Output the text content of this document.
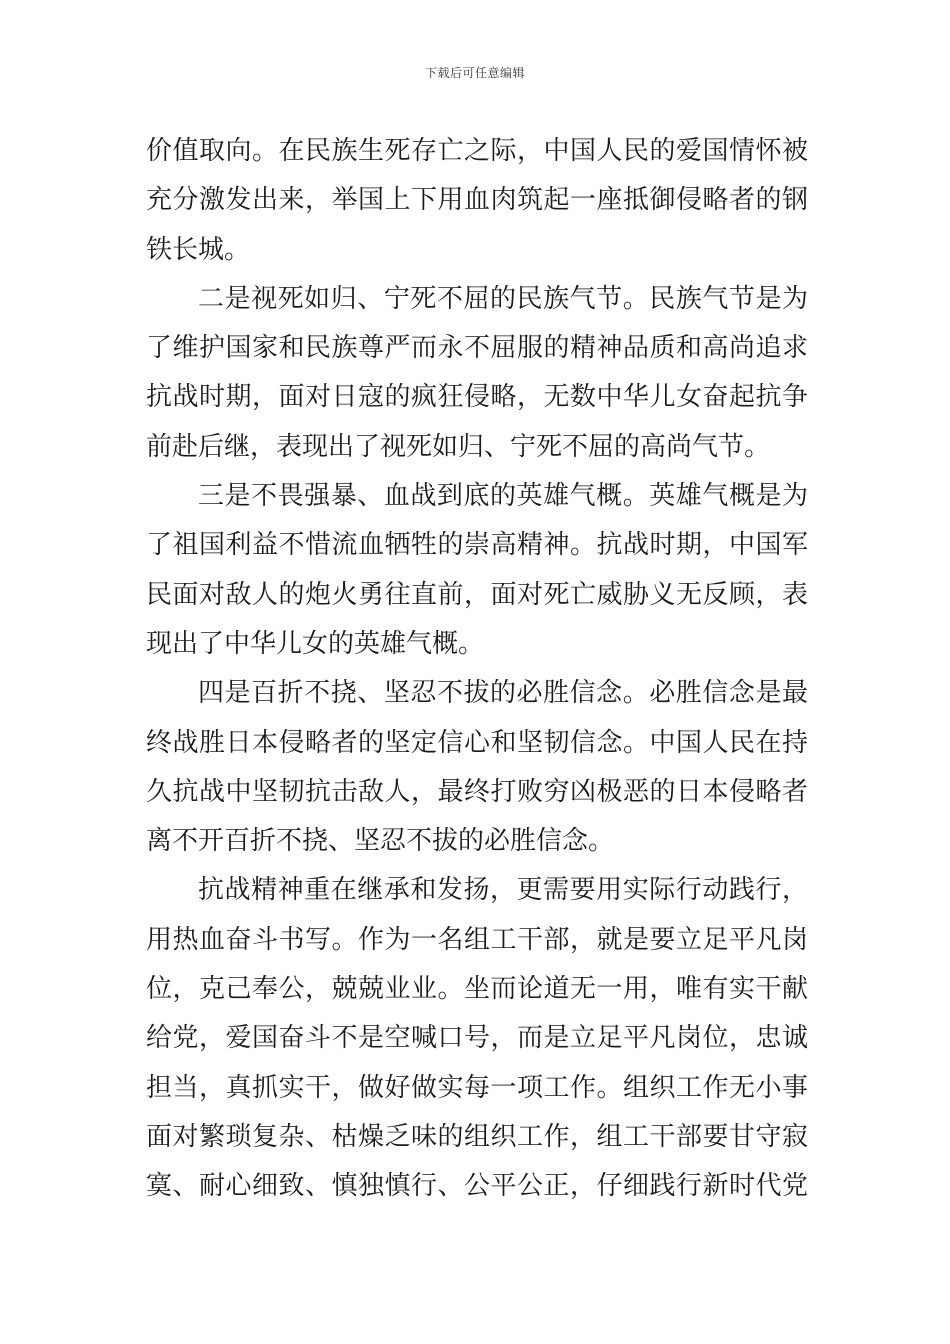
下载后可任意编辑
价值取向。在民族生死存亡之际，中国人民的爱国情怀被
充分激发出来，举国上下用血肉筑起一座抵御侵略者的钢
铁长城。
二是视死如归、宁死不屈的民族气节。民族气节是为
了维护国家和民族尊严而永不屈服的精神品质和高尚追求
抗战时期，面对日寇的疯狂侵略，无数中华儿女奋起抗争
前赴后继，表现出了视死如归、宁死不屈的高尚气节。
三是不畏强暴、血战到底的英雄气概。英雄气概是为
了祖国利益不惜流血牺牲的崇高精神。抗战时期，中国军
民面对敌人的炮火勇往直前，面对死亡威胁义无反顾，表
现出了中华儿女的英雄气概。
四是百折不挠、坚忍不拔的必胜信念。必胜信念是最
终战胜日本侵略者的坚定信心和坚韧信念。中国人民在持
久抗战中坚韧抗击敌人，最终打败穷凶极恶的日本侵略者
离不开百折不挠、坚忍不拔的必胜信念。
抗战精神重在继承和发扬，更需要用实际行动践行，
用热血奋斗书写。作为一名组工干部，就是要立足平凡岗
位，克己奉公，兢兢业业。坐而论道无一用，唯有实干献
给党，爱国奋斗不是空喊口号，而是立足平凡岗位，忠诚
担当，真抓实干，做好做实每一项工作。组织工作无小事
面对繁琐复杂、枯燥乏味的组织工作，组工干部要甘守寂
寞、耐心细致、慎独慎行、公平公正，仔细践行新时代党
